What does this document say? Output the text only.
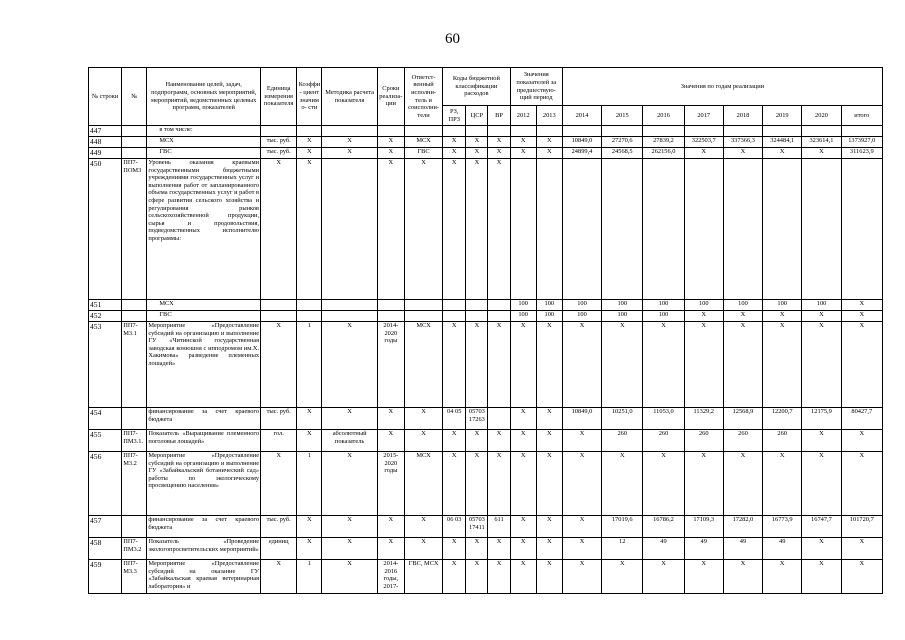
60
№ строки	№	Наименование целей, задач, подпрограмм, основных мероприятий, мероприятий, ведомственных целевых программ, показателей	Единица измерения показателя	Коэффи- циент значимо- сти	Методика расчета показателя	Сроки реализа- ции	Ответст- венный исполни- тель и соисполни- тели	Коды бюджетной классификации расходов			Значения показателей за предшествую- щий период		Значения по годам реализации							
								РЗ, ПРЗ	ЦСР	ВР	2012	2013	2014	2015	2016	2017	2018	2019	2020	итого
447		в том числе:																		
448		МСХ	тыс. руб.	X	X	X	МСХ	X	X	X	X	X	10849,0	27270,6	27839,2	322503,7	337366,3	324484,1	323614,1	1373927,0
449		ГВС	тыс. руб.	X	X	X	ГВС	X	X	X	X	X	24899,4	24568,5	262156,0	X	X	X	X	311623,9
450	ПП7- ПОМ3	Уровень оказания краевыми государственными бюджетными учреждениями государственных услуг и выполнения работ от запланированного объема государственных услуг и работ в сфере развития сельского хозяйства и регулирования рынков сельскохозяйственной продукции, сырья и продовольствия, подведомственных исполнителю программы:	X	X		X	X	X	X	X										
451		МСХ									100	100	100	100	100	100	100	100	100	X
452		ГВС									100	100	100	100	100	X	X	X	X	X
453	ПП7- М3.1	Мероприятие «Предоставление субсидий на организацию и выполнение ГУ «Читинской государственная заводская конюшня с ипподромом им.Х. Хакимова» разведение племенных лошадей»	X	1	X	2014- 2020 годы	МСХ	X	X	X	X	X	X	X	X	X	X	X	X	X
454		финансирование за счет краевого бюджета	тыс. руб.	X	X	X	X	04 05	05703 17263		X	X	10849,0	10251,0	11053,0	11329,2	12568,9	12200,7	12175,9	80427,7
455	ПП7- ПМ3.1.	Показатель «Выращивание племенного поголовья лошадей»	гол.	X	абсолютный показатель	X	X	X	X	X	X	X	X	260	260	260	260	260	X	X
456	ПП7- М3.2	Мероприятие «Предоставление субсидий на организацию и выполнение ГУ «Забайкальский ботанический сад» работы по экологическому просвещению населения»	X	1	X	2015- 2020 годы	МСХ	X	X	X	X	X	X	X	X	X	X	X	X	X
457		финансирование за счет краевого бюджета	тыс. руб.	X	X	X	X	06 03	05703 17411	611	X	X	X	17019,6	16786,2	17109,3	17282,0	16773,9	16747,7	101720,7
458	ПП7- ПМ3.2	Показатель «Проведение экологопросветительских мероприятий»	единиц	X	X	X	X	X	X	X	X	X	X	12	49	49	49	49	X	X
459	ПП7- М3.3	Мероприятие «Предоставление субсидий на оказание ГУ «Забайкальская краевая ветеринарная лаборатория» и	X	1	X	2014- 2016 годы, 2017-	ГВС, МСХ	X	X	X	X	X	X	X	X	X	X	X	X	X
